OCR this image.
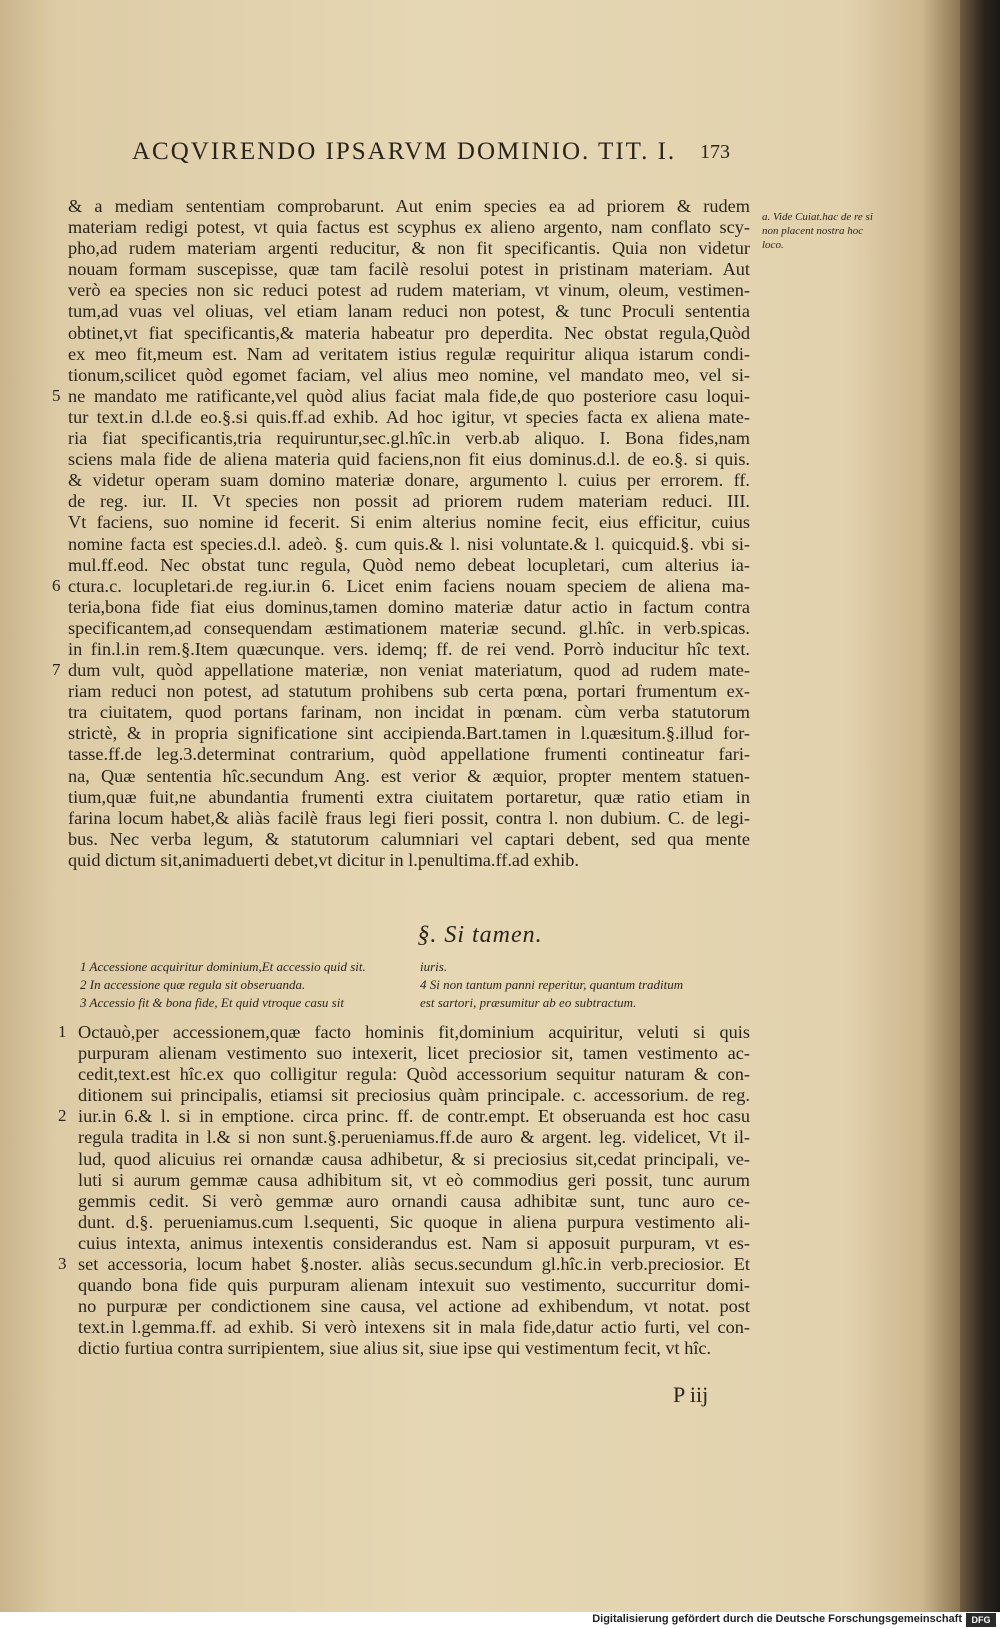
ACQVIRENDO IPSARVM DOMINIO. TIT. I. 173
a. Vide Cuiat.hac de re si non placent nostra hoc loco.
& a mediam sententiam comprobarunt. Aut enim species ea ad priorem & rudem
materiam redigi potest, vt quia factus est scyphus ex alieno argento, nam conflato scy-
pho,ad rudem materiam argenti reducitur, & non fit specificantis. Quia non videtur
nouam formam suscepisse, quæ tam facilè resolui potest in pristinam materiam. Aut
verò ea species non sic reduci potest ad rudem materiam, vt vinum, oleum, vestimen-
tum,ad vuas vel oliuas, vel etiam lanam reduci non potest, & tunc Proculi sententia
obtinet,vt fiat specificantis,& materia habeatur pro deperdita. Nec obstat regula,Quòd
ex meo fit,meum est. Nam ad veritatem istius regulæ requiritur aliqua istarum condi-
tionum,scilicet quòd egomet faciam, vel alius meo nomine, vel mandato meo, vel si-
ne mandato me ratificante,vel quòd alius faciat mala fide,de quo posteriore casu loqui-
tur text.in d.l.de eo.§.si quis.ff.ad exhib. Ad hoc igitur, vt species facta ex aliena mate-
ria fiat specificantis,tria requiruntur,sec.gl.hîc.in verb.ab aliquo. I. Bona fides,nam
sciens mala fide de aliena materia quid faciens,non fit eius dominus.d.l. de eo.§. si quis.
& videtur operam suam domino materiæ donare, argumento l. cuius per errorem. ff.
de reg. iur. II. Vt species non possit ad priorem rudem materiam reduci. III.
Vt faciens, suo nomine id fecerit. Si enim alterius nomine fecit, eius efficitur, cuius
nomine facta est species.d.l. adeò. §. cum quis.& l. nisi voluntate.& l. quicquid.§. vbi si-
mul.ff.eod. Nec obstat tunc regula, Quòd nemo debeat locupletari, cum alterius ia-
ctura.c. locupletari.de reg.iur.in 6. Licet enim faciens nouam speciem de aliena ma-
teria,bona fide fiat eius dominus,tamen domino materiæ datur actio in factum contra
specificantem,ad consequendam æstimationem materiæ secund. gl.hîc. in verb.spicas.
in fin.l.in rem.§.Item quæcunque. vers. idemq; ff. de rei vend. Porrò inducitur hîc text.
dum vult, quòd appellatione materiæ, non veniat materiatum, quod ad rudem mate-
riam reduci non potest, ad statutum prohibens sub certa pœna, portari frumentum ex-
tra ciuitatem, quod portans farinam, non incidat in pœnam. cùm verba statutorum
strictè, & in propria significatione sint accipienda.Bart.tamen in l.quæsitum.§.illud for-
tasse.ff.de leg.3.determinat contrarium, quòd appellatione frumenti contineatur fari-
na, Quæ sententia hîc.secundum Ang. est verior & æquior, propter mentem statuen-
tium,quæ fuit,ne abundantia frumenti extra ciuitatem portaretur, quæ ratio etiam in
farina locum habet,& aliàs facilè fraus legi fieri possit, contra l. non dubium. C. de legi-
bus. Nec verba legum, & statutorum calumniari vel captari debent, sed qua mente
quid dictum sit,animaduerti debet,vt dicitur in l.penultima.ff.ad exhib.
5
6
7
§. Si tamen.
1 Accessione acquiritur dominium,Et accessio quid sit.
2 In accessione quæ regula sit obseruanda.
3 Accessio fit & bona fide, Et quid vtroque casu sit
iuris.
4 Si non tantum panni reperitur, quantum traditum
est sartori, præsumitur ab eo subtractum.
Octauò,per accessionem,quæ facto hominis fit,dominium acquiritur, veluti si quis
purpuram alienam vestimento suo intexerit, licet preciosior sit, tamen vestimento ac-
cedit,text.est hîc.ex quo colligitur regula: Quòd accessorium sequitur naturam & con-
ditionem sui principalis, etiamsi sit preciosius quàm principale. c. accessorium. de reg.
iur.in 6.& l. si in emptione. circa princ. ff. de contr.empt. Et obseruanda est hoc casu
regula tradita in l.& si non sunt.§.perueniamus.ff.de auro & argent. leg. videlicet, Vt il-
lud, quod alicuius rei ornandæ causa adhibetur, & si preciosius sit,cedat principali, ve-
luti si aurum gemmæ causa adhibitum sit, vt eò commodius geri possit, tunc aurum
gemmis cedit. Si verò gemmæ auro ornandi causa adhibitæ sunt, tunc auro ce-
dunt. d.§. perueniamus.cum l.sequenti, Sic quoque in aliena purpura vestimento ali-
cuius intexta, animus intexentis considerandus est. Nam si apposuit purpuram, vt es-
set accessoria, locum habet §.noster. aliàs secus.secundum gl.hîc.in verb.preciosior. Et
quando bona fide quis purpuram alienam intexuit suo vestimento, succurritur domi-
no purpuræ per condictionem sine causa, vel actione ad exhibendum, vt notat. post
text.in l.gemma.ff. ad exhib. Si verò intexens sit in mala fide,datur actio furti, vel con-
dictio furtiua contra surripientem, siue alius sit, siue ipse qui vestimentum fecit, vt hîc.
1
2
3
P iij
Digitalisierung gefördert durch die Deutsche Forschungsgemeinschaft	DFG
